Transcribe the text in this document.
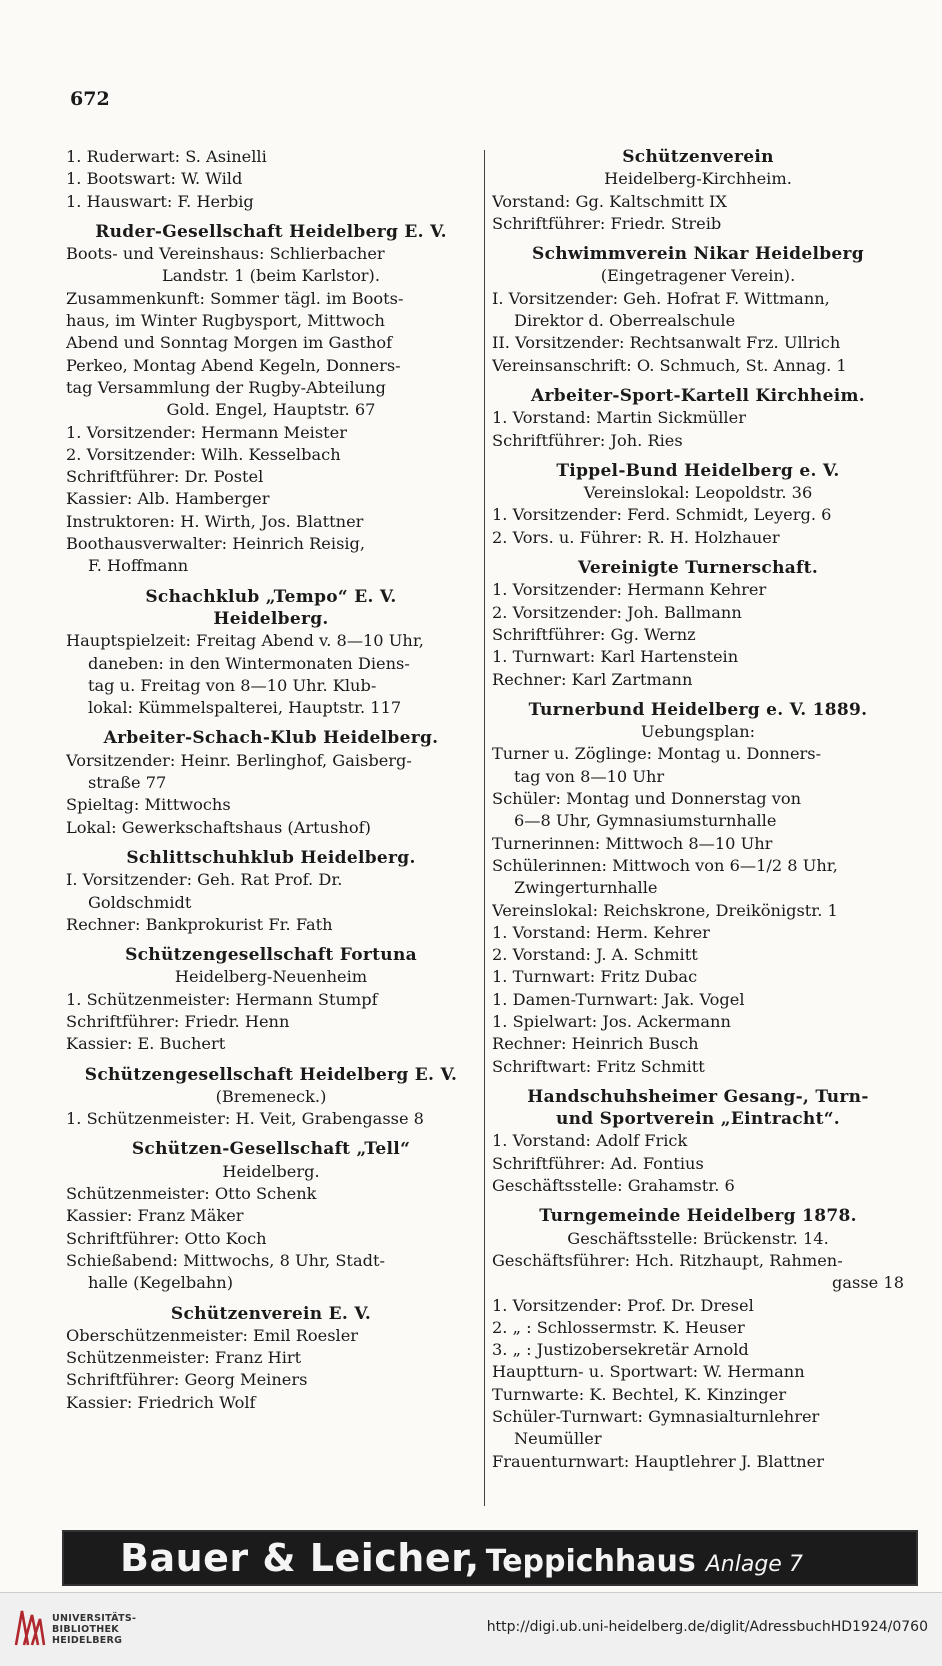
672
1. Ruderwart: S. Asinelli
1. Bootswart: W. Wild
1. Hauswart: F. Herbig
Ruder-Gesellschaft Heidelberg E. V.
Boots- und Vereinshaus: Schlierbacher
Landstr. 1 (beim Karlstor).
Zusammenkunft: Sommer tägl. im Boots-
haus, im Winter Rugbysport, Mittwoch
Abend und Sonntag Morgen im Gasthof
Perkeo, Montag Abend Kegeln, Donners-
tag Versammlung der Rugby-Abteilung
Gold. Engel, Hauptstr. 67
1. Vorsitzender: Hermann Meister
2. Vorsitzender: Wilh. Kesselbach
Schriftführer: Dr. Postel
Kassier: Alb. Hamberger
Instruktoren: H. Wirth, Jos. Blattner
Boothausverwalter: Heinrich Reisig,
F. Hoffmann
Schachklub „Tempo“ E. V.
Heidelberg.
Hauptspielzeit: Freitag Abend v. 8—10 Uhr,
daneben: in den Wintermonaten Diens-
tag u. Freitag von 8—10 Uhr. Klub-
lokal: Kümmelspalterei, Hauptstr. 117
Arbeiter-Schach-Klub Heidelberg.
Vorsitzender: Heinr. Berlinghof, Gaisberg-
straße 77
Spieltag: Mittwochs
Lokal: Gewerkschaftshaus (Artushof)
Schlittschuhklub Heidelberg.
I. Vorsitzender: Geh. Rat Prof. Dr.
Goldschmidt
Rechner: Bankprokurist Fr. Fath
Schützengesellschaft Fortuna
Heidelberg-Neuenheim
1. Schützenmeister: Hermann Stumpf
Schriftführer: Friedr. Henn
Kassier: E. Buchert
Schützengesellschaft Heidelberg E. V.
(Bremeneck.)
1. Schützenmeister: H. Veit, Grabengasse 8
Schützen-Gesellschaft „Tell“
Heidelberg.
Schützenmeister: Otto Schenk
Kassier: Franz Mäker
Schriftführer: Otto Koch
Schießabend: Mittwochs, 8 Uhr, Stadt-
halle (Kegelbahn)
Schützenverein E. V.
Oberschützenmeister: Emil Roesler
Schützenmeister: Franz Hirt
Schriftführer: Georg Meiners
Kassier: Friedrich Wolf
Schützenverein
Heidelberg-Kirchheim.
Vorstand: Gg. Kaltschmitt IX
Schriftführer: Friedr. Streib
Schwimmverein Nikar Heidelberg
(Eingetragener Verein).
I. Vorsitzender: Geh. Hofrat F. Wittmann,
Direktor d. Oberrealschule
II. Vorsitzender: Rechtsanwalt Frz. Ullrich
Vereinsanschrift: O. Schmuch, St. Annag. 1
Arbeiter-Sport-Kartell Kirchheim.
1. Vorstand: Martin Sickmüller
Schriftführer: Joh. Ries
Tippel-Bund Heidelberg e. V.
Vereinslokal: Leopoldstr. 36
1. Vorsitzender: Ferd. Schmidt, Leyerg. 6
2. Vors. u. Führer: R. H. Holzhauer
Vereinigte Turnerschaft.
1. Vorsitzender: Hermann Kehrer
2. Vorsitzender: Joh. Ballmann
Schriftführer: Gg. Wernz
1. Turnwart: Karl Hartenstein
Rechner: Karl Zartmann
Turnerbund Heidelberg e. V. 1889.
Uebungsplan:
Turner u. Zöglinge: Montag u. Donners-
tag von 8—10 Uhr
Schüler: Montag und Donnerstag von
6—8 Uhr, Gymnasiumsturnhalle
Turnerinnen: Mittwoch 8—10 Uhr
Schülerinnen: Mittwoch von 6—1/2 8 Uhr,
Zwingerturnhalle
Vereinslokal: Reichskrone, Dreikönigstr. 1
1. Vorstand: Herm. Kehrer
2. Vorstand: J. A. Schmitt
1. Turnwart: Fritz Dubac
1. Damen-Turnwart: Jak. Vogel
1. Spielwart: Jos. Ackermann
Rechner: Heinrich Busch
Schriftwart: Fritz Schmitt
Handschuhsheimer Gesang-, Turn-
und Sportverein „Eintracht“.
1. Vorstand: Adolf Frick
Schriftführer: Ad. Fontius
Geschäftsstelle: Grahamstr. 6
Turngemeinde Heidelberg 1878.
Geschäftsstelle: Brückenstr. 14.
Geschäftsführer: Hch. Ritzhaupt, Rahmen-
gasse 18
1. Vorsitzender: Prof. Dr. Dresel
2. „ : Schlossermstr. K. Heuser
3. „ : Justizobersekretär Arnold
Hauptturn- u. Sportwart: W. Hermann
Turnwarte: K. Bechtel, K. Kinzinger
Schüler-Turnwart: Gymnasialturnlehrer
Neumüller
Frauenturnwart: Hauptlehrer J. Blattner
Bauer & Leicher, Teppichhaus Anlage 7
UNIVERSITÄTS-
BIBLIOTHEK
HEIDELBERG
http://digi.ub.uni-heidelberg.de/diglit/AdressbuchHD1924/0760
